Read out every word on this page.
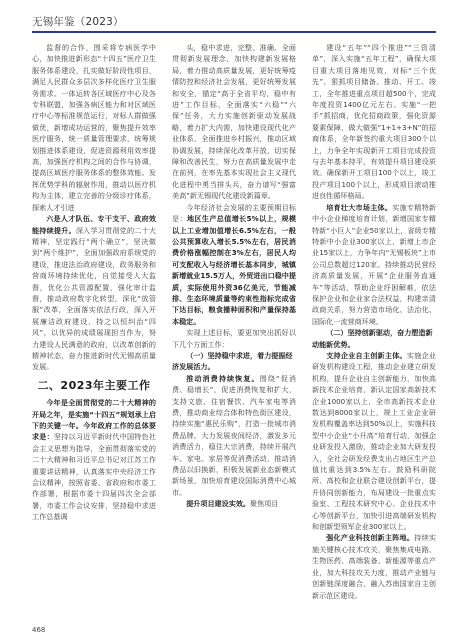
无锡年鉴（2023）

监督的合作，围采将专病医学中心，加快推进新形态“十四五”医疗卫生服务体系建设，扎实做好阶段性项目，满足人民群众多层次多样化医疗卫生服务需求。一体运转各区域医疗中心及各专科联盟，加强各病区能力和对区域医疗中心等标准规范运行，对标人群做强做优，新增成功运营的，聚焦提升效率医疗服务，统一质量管理要求，统筹规划推进体系建设，促进资源利用效率提高，加强医疗机构之间的合作与协调，提高区域医疗服务体系的整体效能。发挥优势学科的辐射作用，推动以医疗机构为主体，建立完善的分级诊疗体系，探索人才引进

六是人才队伍、专干支干、政府效能持续提升。深入学习贯彻党的二十大精神，坚定践行“两个确立”，坚决做到“两个维护”，全面加强政府系统党的建设，推进法治政府建设，政务服务和营商环境持续优化，自觉接受人大监督，优化公共资源配置，强化审计监督，推动政府数字化转型，深化“放管服”改革，全面落实依法行政，深入开展廉洁政府建设，持之以恒纠治“四风”，以优异的成绩展现担当作为，努力建设人民满意的政府，以改革创新的精神状态，奋力推进新时代无锡高质量发展。

二、2023年主要工作

今年是全面贯彻党的二十大精神的开局之年，是实施“十四五”规划承上启下的关键一年。今年政府工作的总体要求是：坚持以习近平新时代中国特色社会主义思想为指导，全面贯彻落实党的二十大精神和习近平总书记对江苏工作重要讲话精神，认真落实中央经济工作会议精神，按照省委、省政府和市委工作部署，根据市委十四届四次全会部署，市委工作会议安排，坚持稳中求进工作总基调

头，稳中求进，完整、准确、全面贯彻新发展理念，加快构建新发展格局，着力推动高质量发展，更好统筹疫情防控和经济社会发展，更好统筹发展和安全，锚定“高于全省平均，稳中有进”工作目标，全面落实“六稳”“六保”任务，大力实施创新驱动发展战略，着力扩大内需，加快建设现代化产业体系，全面推进乡村振兴，推动区域协调发展，持续深化改革开放，切实保障和改善民生，努力在高质量发展中走在前列，在率先基本实现社会主义现代化进程中勇当排头兵，奋力谱写“强富美高”新无锡现代化建设新篇章。

今年经济社会发展的主要预期目标是：地区生产总值增长5%以上，规模以上工业增加值增长6.5%左右，一般公共预算收入增长5.5%左右，居民消费价格涨幅控制在3%左右，居民人均可支配收入与经济增长基本同步，城镇新增就业15.5万人，外贸进出口稳中提质，实际使用外资36亿美元，节能减排、生态环境质量等约束性指标完成省下达目标，粮食播种面积和产量保持基本稳定。

实现上述目标，要更加突出抓好以下几个方面工作：

（一）坚持稳中求进，着力提振经济发展活力。

推动消费持续恢复。围绕“促消费、稳增长”，促进消费恢复和扩大，支持文旅、住宿餐饮、汽车家电等消费，推动商业综合体和特色街区建设，持续实施“惠民乐购”，打造一批城市消费品牌，大力发展夜间经济，激发多元消费活力，稳住大宗消费，持续开展汽车、家电、家居等促消费活动，推动消费品以旧换新，积极发展新业态新模式新场景，加快培育建设国际消费中心城市。

提升项目建设实效。聚焦项目

建设“五年”“四个推进”“三资清单”，深入实施“五年工程”，确保大项目重大项目落地见效，对标“三个优先”，狠抓项目储备、推动、开工、竣工，全年推进重点项目超500个，完成年度投资1400亿元左右。实施“一把手”抓招商，优化招商政策，强化资源要素保障，做大做强“1+1+3+N”的招商体系，全年新签约重大项目300个以上，力争全年实现新开工项目完成投资与去年基本持平，有效提升项目建设质效。确保新开工项目100个以上，竣工投产项目100个以上，形成项目滚动推进良性循环格局。

培育壮大市场主体。实施专精特新中小企业梯度培育计划，新增国家专精特新“小巨人”企业50家以上，省级专精特新中小企业300家以上，新增上市企业15家以上，力争年内“无锡板块”上市公司总数超过120家。持续推动民营经济高质量发展，开展“企业服务直通车”等活动，帮助企业纾困解难，依法保护企业和企业家合法权益，构建亲清政商关系，努力营造市场化、法治化、国际化一流营商环境。

（二）坚持创新驱动，奋力塑造新动能新优势。

支持企业自主创新主体。实施企业研发机构建设工程，推动企业建立研发机构，提升企业自主创新能力，加快高新技术企业培育，新认定国家高新技术企业1000家以上，全市高新技术企业数达到8000家以上，规上工业企业研发机构覆盖率达到50%以上，实施科技型中小企业“小升高”培育行动，加强企业研发投入激励，推动企业加大研发投入，全社会研发经费支出占地区生产总值比重达到3.5%左右。鼓励科研院所、高校和企业联合建设创新平台，提升协同创新能力，布局建设一批重点实验室、工程技术研究中心、企业技术中心等创新平台，加快引进高端研发机构和创新型领军企业300家以上。

强化产业科技创新主阵地。持续实施关键核心技术攻关，聚焦集成电路、生物医药、高端装备、新能源等重点产业，加大科技攻关力度，推动产业链与创新链深度融合，融入苏南国家自主创新示范区建设。

468
